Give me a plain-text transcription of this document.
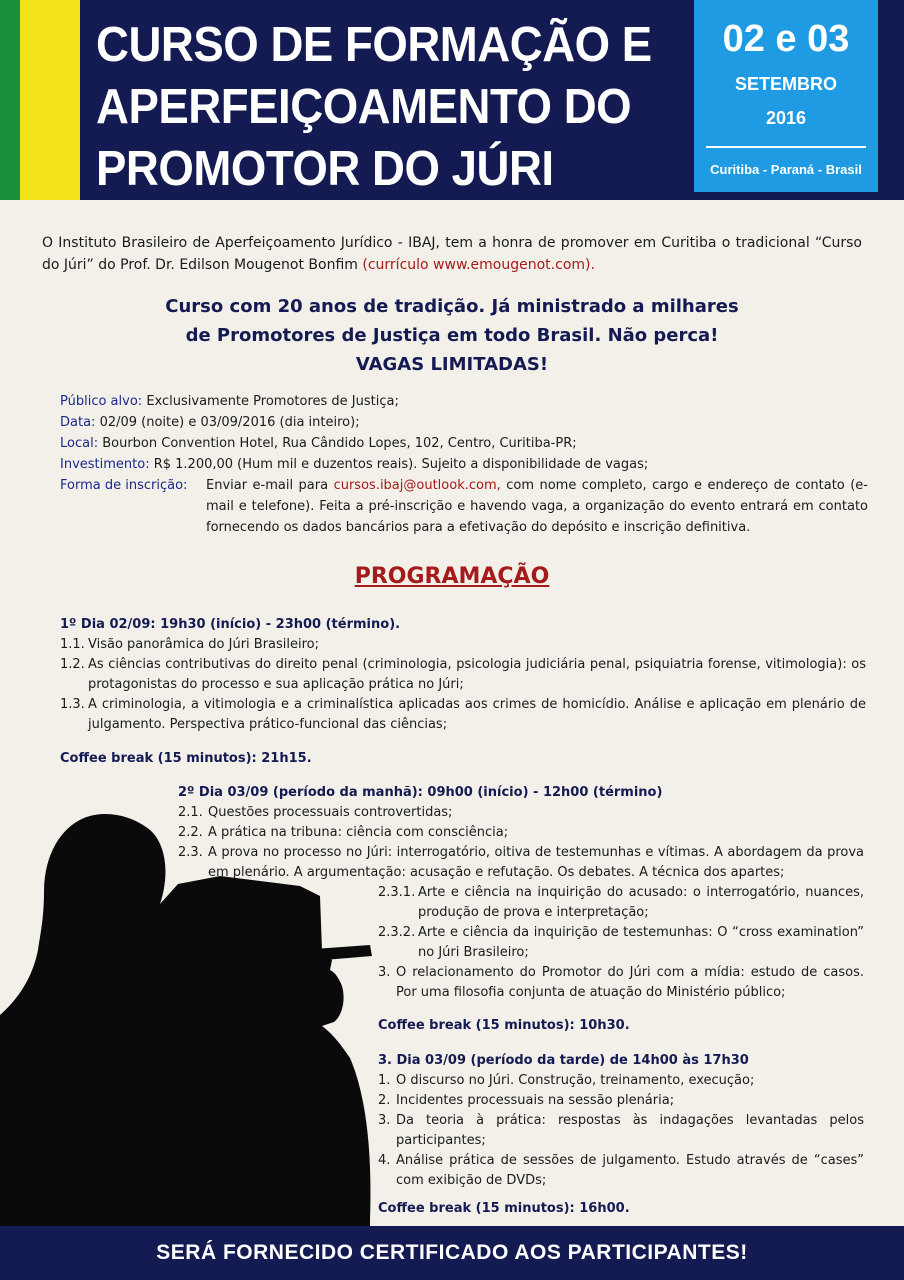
CURSO DE FORMAÇÃO E
APERFEIÇOAMENTO DO
PROMOTOR DO JÚRI
02 e 03
SETEMBRO
2016
Curitiba - Paraná - Brasil
O Instituto Brasileiro de Aperfeiçoamento Jurídico - IBAJ, tem a honra de promover em Curitiba o tradicional “Curso do Júri” do Prof. Dr. Edilson Mougenot Bonfim (currículo www.emougenot.com).
Curso com 20 anos de tradição. Já ministrado a milhares
de Promotores de Justiça em todo Brasil. Não perca!
VAGAS LIMITADAS!
Público alvo:
Exclusivamente Promotores de Justiça;
Data:
02/09 (noite) e 03/09/2016 (dia inteiro);
Local:
Bourbon Convention Hotel, Rua Cândido Lopes, 102, Centro, Curitiba-PR;
Investimento:
R$ 1.200,00 (Hum mil e duzentos reais). Sujeito a disponibilidade de vagas;
Forma de inscrição:	Enviar e-mail para cursos.ibaj@outlook.com, com nome completo, cargo e endereço de contato (e-mail e telefone). Feita a pré-inscrição e havendo vaga, a organização do evento entrará em contato fornecendo os dados bancários para a efetivação do depósito e inscrição definitiva.
PROGRAMAÇÃO
1º Dia 02/09: 19h30 (início) - 23h00 (término).
1.1. Visão panorâmica do Júri Brasileiro;
1.2. As ciências contributivas do direito penal (criminologia, psicologia judiciária penal, psiquiatria forense, vitimologia): os protagonistas do processo e sua aplicação prática no Júri;
1.3. A criminologia, a vitimologia e a criminalística aplicadas aos crimes de homicídio. Análise e aplicação em plenário de julgamento. Perspectiva prático-funcional das ciências;
Coffee break (15 minutos): 21h15.
2º Dia 03/09 (período da manhã): 09h00 (início) - 12h00 (término)
2.1. Questões processuais controvertidas;
2.2. A prática na tribuna: ciência com consciência;
2.3. A prova no processo no Júri: interrogatório, oitiva de testemunhas e vítimas. A abordagem da prova em plenário. A argumentação: acusação e refutação. Os debates. A técnica dos apartes;
2.3.1. Arte e ciência na inquirição do acusado: o interrogatório, nuances, produção de prova e interpretação;
2.3.2. Arte e ciência da inquirição de testemunhas: O “cross examination” no Júri Brasileiro;
3. O relacionamento do Promotor do Júri com a mídia: estudo de casos. Por uma filosofia conjunta de atuação do Ministério público;
Coffee break (15 minutos): 10h30.
3. Dia 03/09 (período da tarde) de 14h00 às 17h30
1. O discurso no Júri. Construção, treinamento, execução;
2. Incidentes processuais na sessão plenária;
3. Da teoria à prática: respostas às indagações levantadas pelos participantes;
4. Análise prática de sessões de julgamento. Estudo através de “cases” com exibição de DVDs;
Coffee break (15 minutos): 16h00.
SERÁ FORNECIDO CERTIFICADO AOS PARTICIPANTES!
